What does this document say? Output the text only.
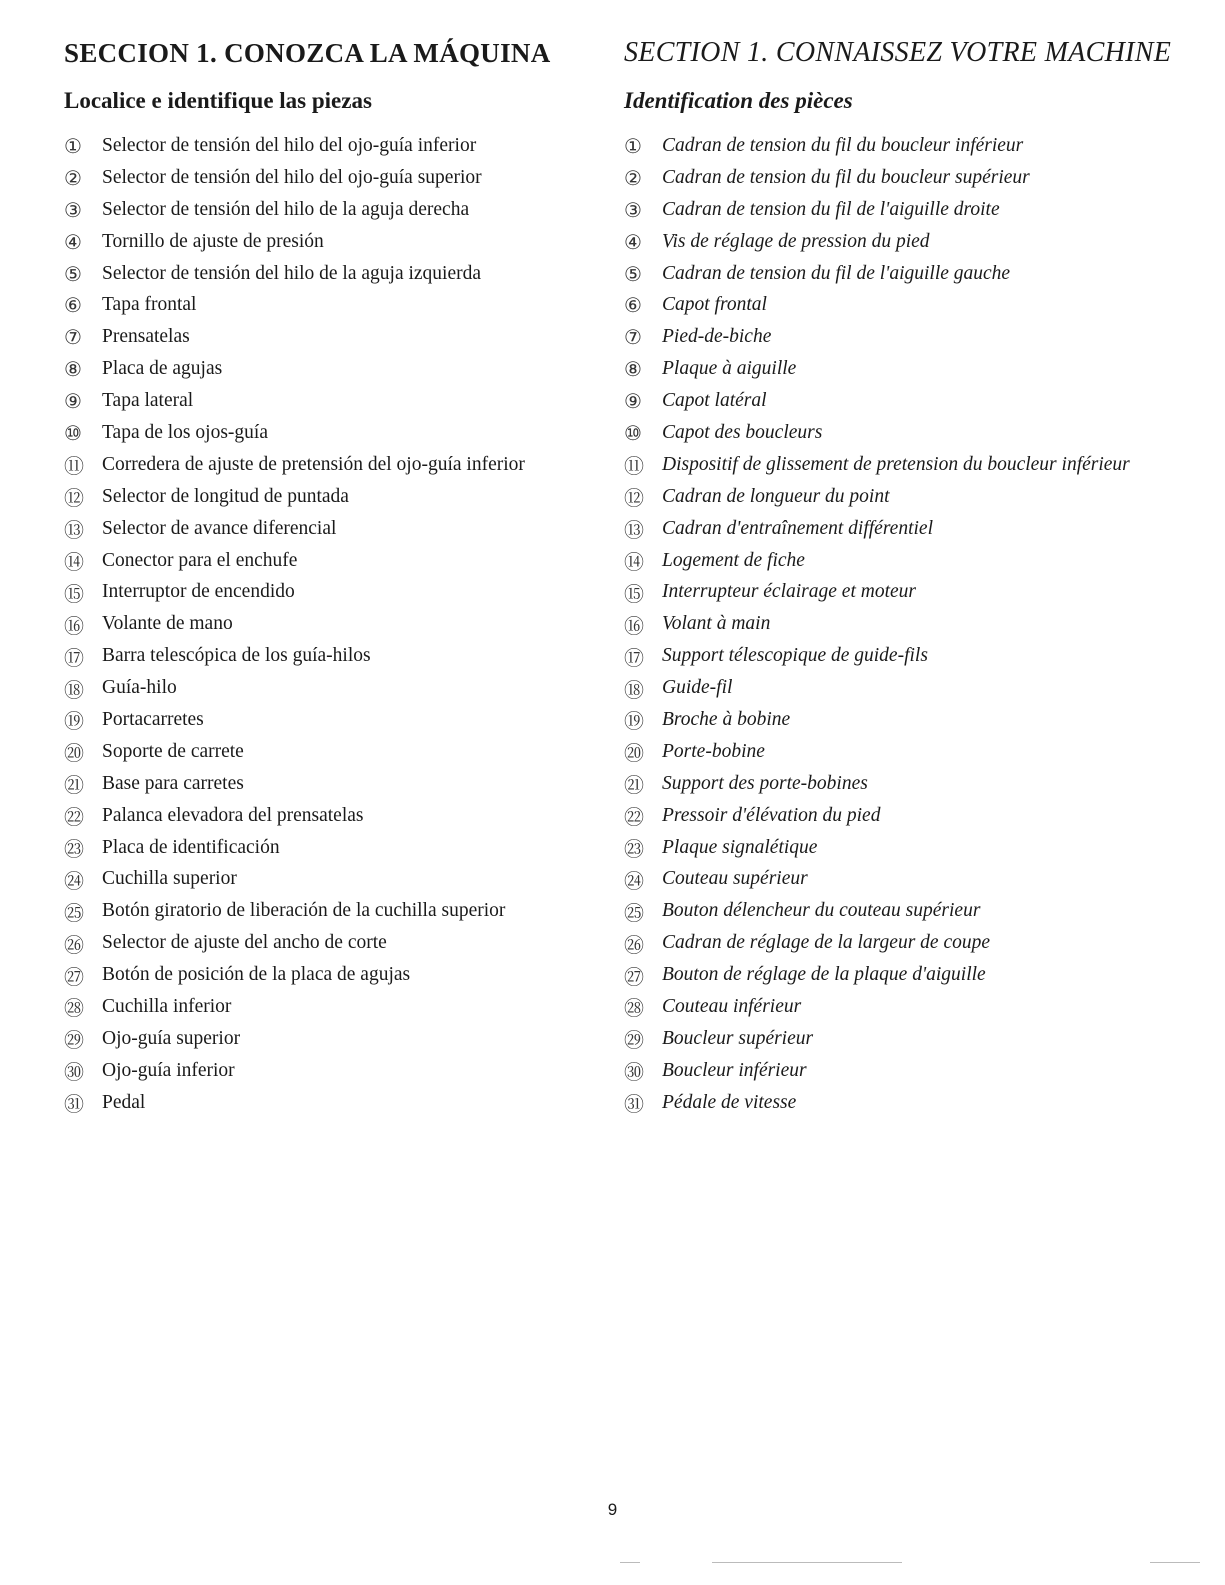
SECCION 1. CONOZCA LA MÁQUINA
Localice e identifique las piezas
①	Selector de tensión del hilo del ojo-guía inferior
②	Selector de tensión del hilo del ojo-guía superior
③	Selector de tensión del hilo de la aguja derecha
④	Tornillo de ajuste de presión
⑤	Selector de tensión del hilo de la aguja izquierda
⑥	Tapa frontal
⑦	Prensatelas
⑧	Placa de agujas
⑨	Tapa lateral
⑩	Tapa de los ojos-guía
⑪ Corredera de ajuste de pretensión del ojo-guía inferior
⑫ Selector de longitud de puntada
⑬ Selector de avance diferencial
⑭ Conector para el enchufe
⑮ Interruptor de encendido
⑯ Volante de mano
⑰ Barra telescópica de los guía-hilos
⑱ Guía-hilo
⑲ Portacarretes
⑳ Soporte de carrete
㉑ Base para carretes
㉒ Palanca elevadora del prensatelas
㉓ Placa de identificación
㉔ Cuchilla superior
㉕ Botón giratorio de liberación de la cuchilla superior
㉖ Selector de ajuste del ancho de corte
㉗ Botón de posición de la placa de agujas
㉘ Cuchilla inferior
㉙ Ojo-guía superior
㉚ Ojo-guía inferior
㉛ Pedal
SECTION 1. CONNAISSEZ VOTRE MACHINE
Identification des pièces
①	Cadran de tension du fil du boucleur inférieur
②	Cadran de tension du fil du boucleur supérieur
③	Cadran de tension du fil de l'aiguille droite
④	Vis de réglage de pression du pied
⑤	Cadran de tension du fil de l'aiguille gauche
⑥	Capot frontal
⑦	Pied-de-biche
⑧	Plaque à aiguille
⑨	Capot latéral
⑩	Capot des boucleurs
⑪ Dispositif de glissement de pretension du boucleur inférieur
⑫ Cadran de longueur du point
⑬ Cadran d'entraînement différentiel
⑭ Logement de fiche
⑮ Interrupteur éclairage et moteur
⑯ Volant à main
⑰ Support télescopique de guide-fils
⑱ Guide-fil
⑲ Broche à bobine
⑳ Porte-bobine
㉑ Support des porte-bobines
㉒ Pressoir d'élévation du pied
㉓ Plaque signalétique
㉔ Couteau supérieur
㉕ Bouton délencheur du couteau supérieur
㉖ Cadran de réglage de la largeur de coupe
㉗ Bouton de réglage de la plaque d'aiguille
㉘ Couteau inférieur
㉙ Boucleur supérieur
㉚ Boucleur inférieur
㉛ Pédale de vitesse
9
